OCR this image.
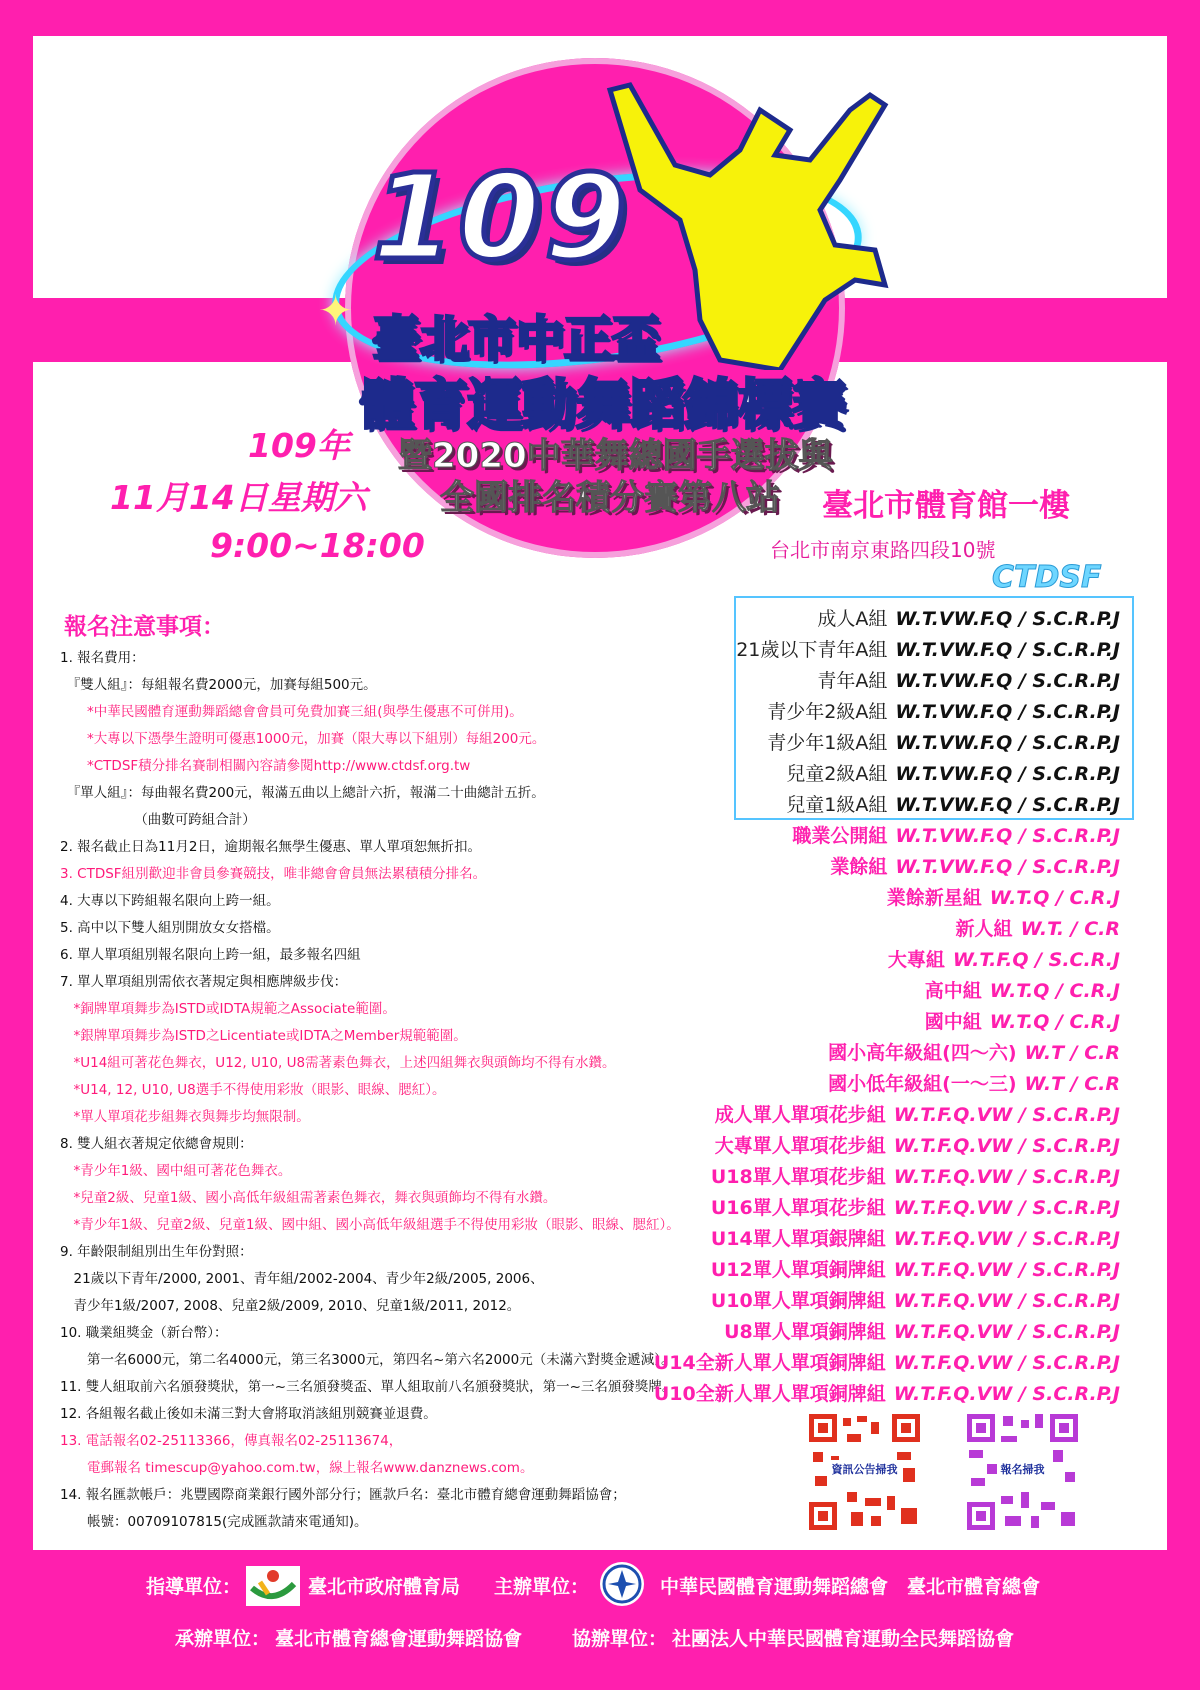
109
✦
臺北市中正盃
體育運動舞蹈錦標賽
暨2020中華舞總國手選拔與
全國排名積分賽第八站
109年
11月14日星期六
9:00~18:00
臺北市體育館一樓
台北市南京東路四段10號
CTDSF
報名注意事項：
1. 報名費用：
　『雙人組』：每組報名費2000元，加賽每組500元。
　　*中華民國體育運動舞蹈總會會員可免費加賽三組(與學生優惠不可併用)。
　　*大專以下憑學生證明可優惠1000元，加賽（限大專以下組別）每組200元。
　　*CTDSF積分排名賽制相關內容請參閱http://www.ctdsf.org.tw
　『單人組』：每曲報名費200元，報滿五曲以上總計六折，報滿二十曲總計五折。
　　　　　　（曲數可跨組合計）
2. 報名截止日為11月2日，逾期報名無學生優惠、單人單項恕無折扣。
3. CTDSF組別歡迎非會員參賽競技，唯非總會會員無法累積積分排名。
4. 大專以下跨組報名限向上跨一組。
5. 高中以下雙人組別開放女女搭檔。
6. 單人單項組別報名限向上跨一組，最多報名四組
7. 單人單項組別需依衣著規定與相應牌級步伐：
　*銅牌單項舞步為ISTD或IDTA規範之Associate範圍。
　*銀牌單項舞步為ISTD之Licentiate或IDTA之Member規範範圍。
　*U14組可著花色舞衣，U12, U10, U8需著素色舞衣，上述四組舞衣與頭飾均不得有水鑽。
　*U14, 12, U10, U8選手不得使用彩妝（眼影、眼線、腮紅）。
　*單人單項花步組舞衣與舞步均無限制。
8. 雙人組衣著規定依總會規則：
　*青少年1級、國中組可著花色舞衣。
　*兒童2級、兒童1級、國小高低年級組需著素色舞衣，舞衣與頭飾均不得有水鑽。
　*青少年1級、兒童2級、兒童1級、國中組、國小高低年級組選手不得使用彩妝（眼影、眼線、腮紅）。
9. 年齡限制組別出生年份對照：
　21歲以下青年/2000, 2001、青年組/2002-2004、青少年2級/2005, 2006、
　青少年1級/2007, 2008、兒童2級/2009, 2010、兒童1級/2011, 2012。
10. 職業組獎金（新台幣）：
　　第一名6000元，第二名4000元，第三名3000元，第四名~第六名2000元（未滿六對獎金遞減）。
11. 雙人組取前六名頒發獎狀，第一~三名頒發獎盃、單人組取前八名頒發獎狀，第一~三名頒發獎牌。
12. 各組報名截止後如未滿三對大會將取消該組別競賽並退費。
13. 電話報名02-25113366，傳真報名02-25113674，
　　電郵報名 timescup@yahoo.com.tw，線上報名www.danznews.com。
14. 報名匯款帳戶：兆豐國際商業銀行國外部分行；匯款戶名：臺北市體育總會運動舞蹈協會；
　　帳號：00709107815(完成匯款請來電通知)。
成人A組 W.T.VW.F.Q / S.C.R.P.J
21歲以下青年A組 W.T.VW.F.Q / S.C.R.P.J
青年A組 W.T.VW.F.Q / S.C.R.P.J
青少年2級A組 W.T.VW.F.Q / S.C.R.P.J
青少年1級A組 W.T.VW.F.Q / S.C.R.P.J
兒童2級A組 W.T.VW.F.Q / S.C.R.P.J
兒童1級A組 W.T.VW.F.Q / S.C.R.P.J
職業公開組 W.T.VW.F.Q / S.C.R.P.J
業餘組 W.T.VW.F.Q / S.C.R.P.J
業餘新星組 W.T.Q / C.R.J
新人組 W.T. / C.R
大專組 W.T.F.Q / S.C.R.J
高中組 W.T.Q / C.R.J
國中組 W.T.Q / C.R.J
國小高年級組(四～六) W.T / C.R
國小低年級組(一～三) W.T / C.R
成人單人單項花步組 W.T.F.Q.VW / S.C.R.P.J
大專單人單項花步組 W.T.F.Q.VW / S.C.R.P.J
U18單人單項花步組 W.T.F.Q.VW / S.C.R.P.J
U16單人單項花步組 W.T.F.Q.VW / S.C.R.P.J
U14單人單項銀牌組 W.T.F.Q.VW / S.C.R.P.J
U12單人單項銅牌組 W.T.F.Q.VW / S.C.R.P.J
U10單人單項銅牌組 W.T.F.Q.VW / S.C.R.P.J
U8單人單項銅牌組 W.T.F.Q.VW / S.C.R.P.J
U14全新人單人單項銅牌組 W.T.F.Q.VW / S.C.R.P.J
U10全新人單人單項銅牌組 W.T.F.Q.VW / S.C.R.P.J
資訊公告掃我	報名掃我
指導單位：	臺北市政府體育局 主辦單位：	中華民國體育運動舞蹈總會　臺北市體育總會
承辦單位： 臺北市體育總會運動舞蹈協會	協辦單位： 社團法人中華民國體育運動全民舞蹈協會
